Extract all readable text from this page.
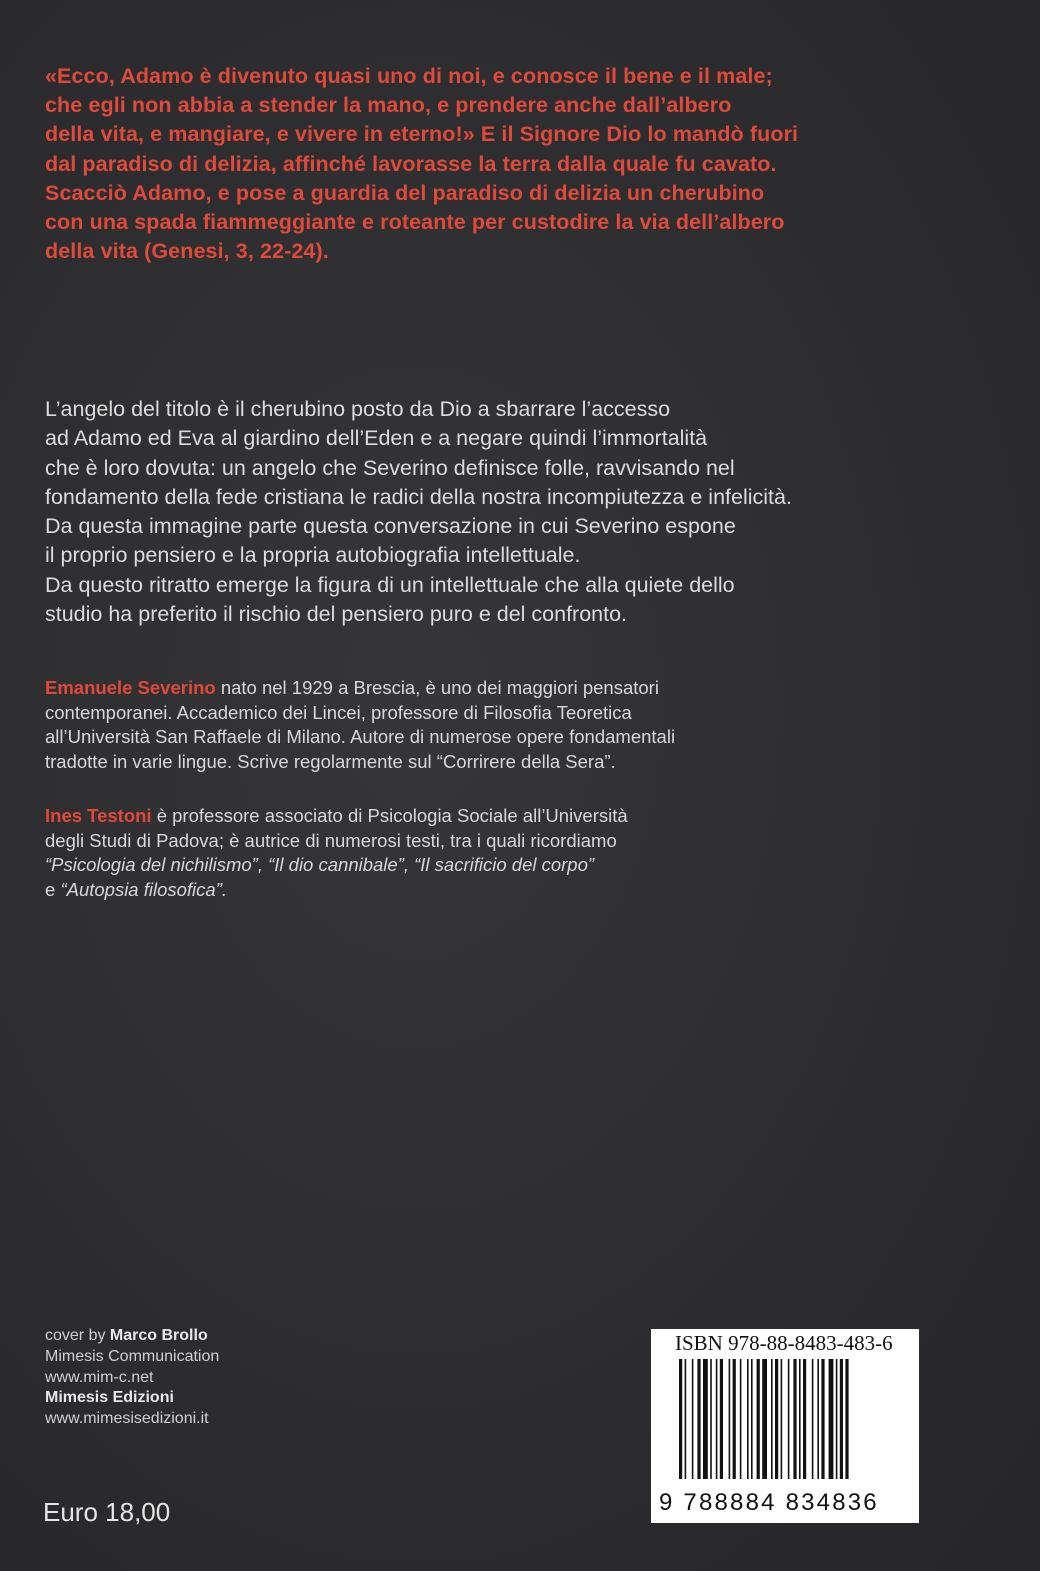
«Ecco, Adamo è divenuto quasi uno di noi, e conosce il bene e il male;

che egli non abbia a stender la mano, e prendere anche dall’albero

della vita, e mangiare, e vivere in eterno!» E il Signore Dio lo mandò fuori

dal paradiso di delizia, affinché lavorasse la terra dalla quale fu cavato.

Scacciò Adamo, e pose a guardia del paradiso di delizia un cherubino

con una spada fiammeggiante e roteante per custodire la via dell’albero

della vita (Genesi, 3, 22-24).

L’angelo del titolo è il cherubino posto da Dio a sbarrare l’accesso

ad Adamo ed Eva al giardino dell’Eden e a negare quindi l’immortalità

che è loro dovuta: un angelo che Severino definisce folle, ravvisando nel

fondamento della fede cristiana le radici della nostra incompiutezza e infelicità.

Da questa immagine parte questa conversazione in cui Severino espone

il proprio pensiero e la propria autobiografia intellettuale.

Da questo ritratto emerge la figura di un intellettuale che alla quiete dello

studio ha preferito il rischio del pensiero puro e del confronto.

Emanuele Severino nato nel 1929 a Brescia, è uno dei maggiori pensatori

contemporanei. Accademico dei Lincei, professore di Filosofia Teoretica

all’Università San Raffaele di Milano. Autore di numerose opere fondamentali

tradotte in varie lingue. Scrive regolarmente sul “Corrirere della Sera”.

Ines Testoni è professore associato di Psicologia Sociale all’Università

degli Studi di Padova; è autrice di numerosi testi, tra i quali ricordiamo

“Psicologia del nichilismo”, “Il dio cannibale”, “Il sacrificio del corpo”

e “Autopsia filosofica”.

cover by Marco Brollo
Mimesis Communication
www.mim-c.net
Mimesis Edizioni
www.mimesisedizioni.it
Euro 18,00
ISBN 978-88-8483-483-6
9 788884 834836
